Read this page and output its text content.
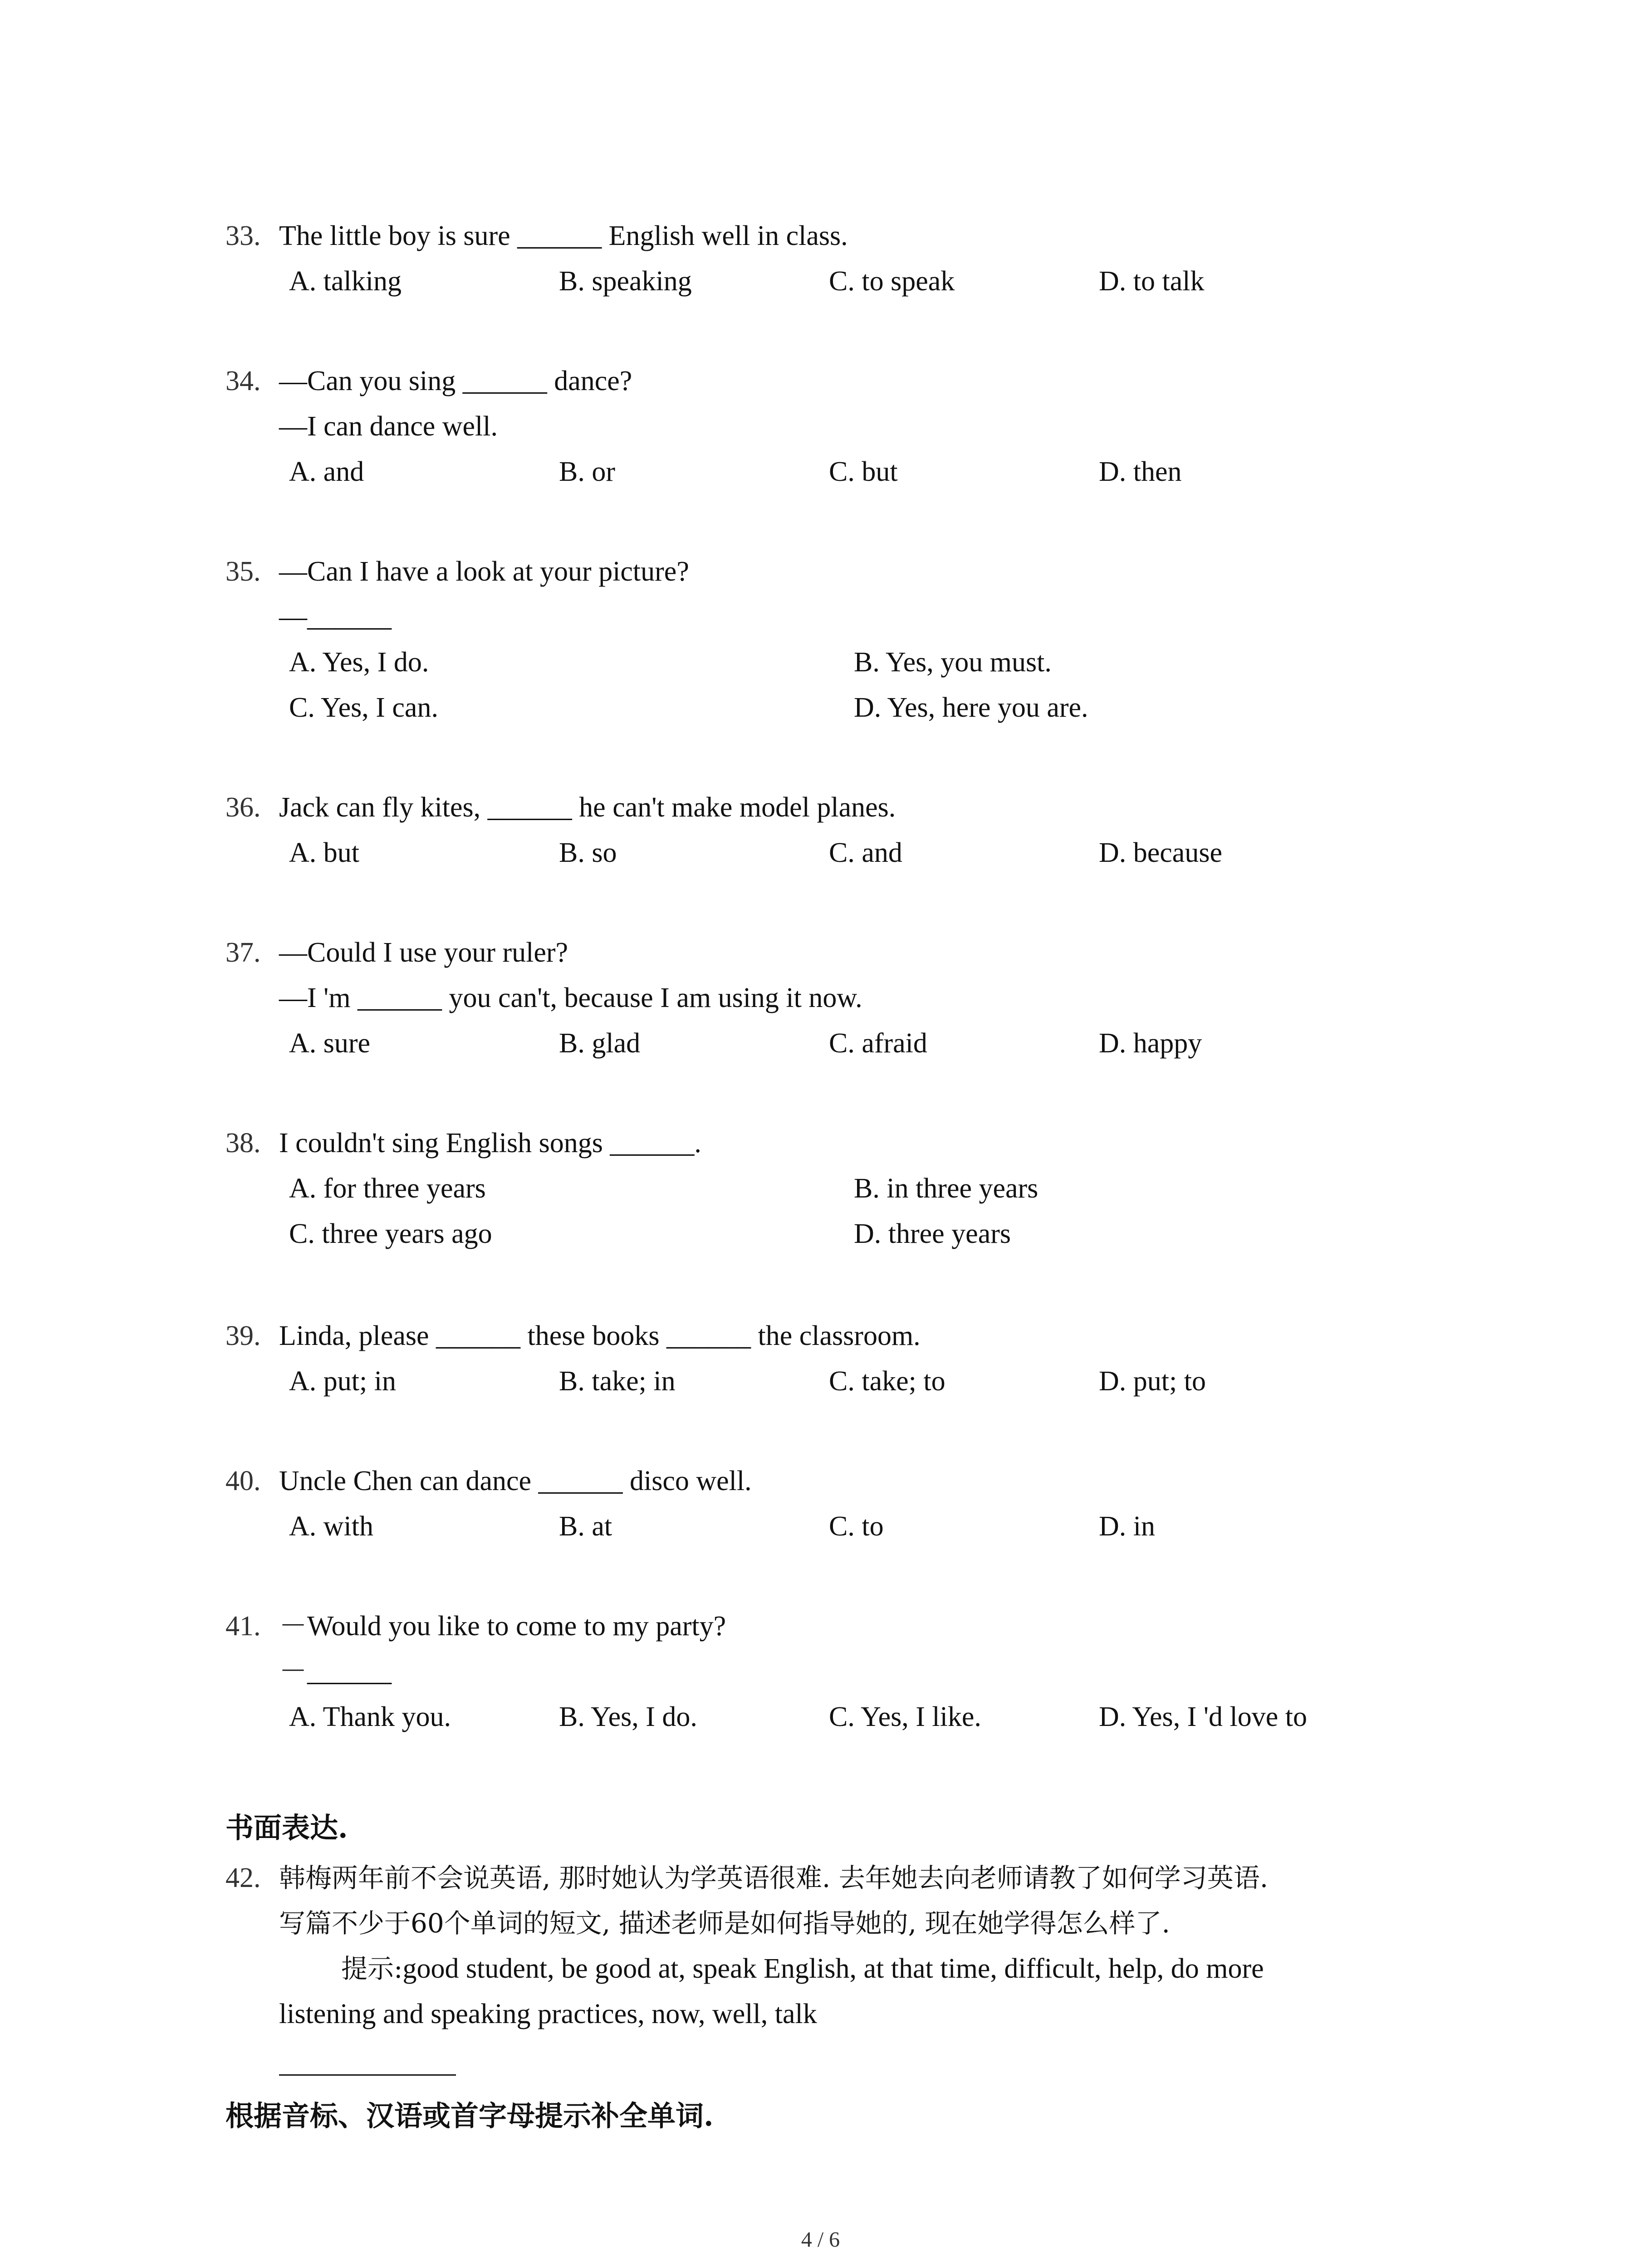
33. The little boy is sure ______ English well in class.
A. talking	B. speaking	C. to speak	D. to talk
34. —Can you sing ______ dance?
—I can dance well.
A. and	B. or	C. but	D. then
35. —Can I have a look at your picture?
—______
A. Yes, I do.	B. Yes, you must.
C. Yes, I can.	D. Yes, here you are.
36. Jack can fly kites, ______ he can't make model planes.
A. but	B. so	C. and	D. because
37. —Could I use your ruler?
—I 'm ______ you can't, because I am using it now.
A. sure	B. glad	C. afraid	D. happy
38. I couldn't sing English songs ______.
A. for three years	B. in three years
C. three years ago	D. three years
39. Linda, please ______ these books ______ the classroom.
A. put; in	B. take; in	C. take; to	D. put; to
40. Uncle Chen can dance ______ disco well.
A. with	B. at	C. to	D. in
41. －Would you like to come to my party?
－______
A. Thank you.	B. Yes, I do.	C. Yes, I like.	D. Yes, I 'd love to
书面表达.
42. 韩梅两年前不会说英语, 那时她认为学英语很难. 去年她去向老师请教了如何学习英语.
写篇不少于60个单词的短文, 描述老师是如何指导她的, 现在她学得怎么样了.
提示:good student, be good at, speak English, at that time, difficult, help, do more
listening and speaking practices, now, well, talk
根据音标、汉语或首字母提示补全单词.
4 / 6
